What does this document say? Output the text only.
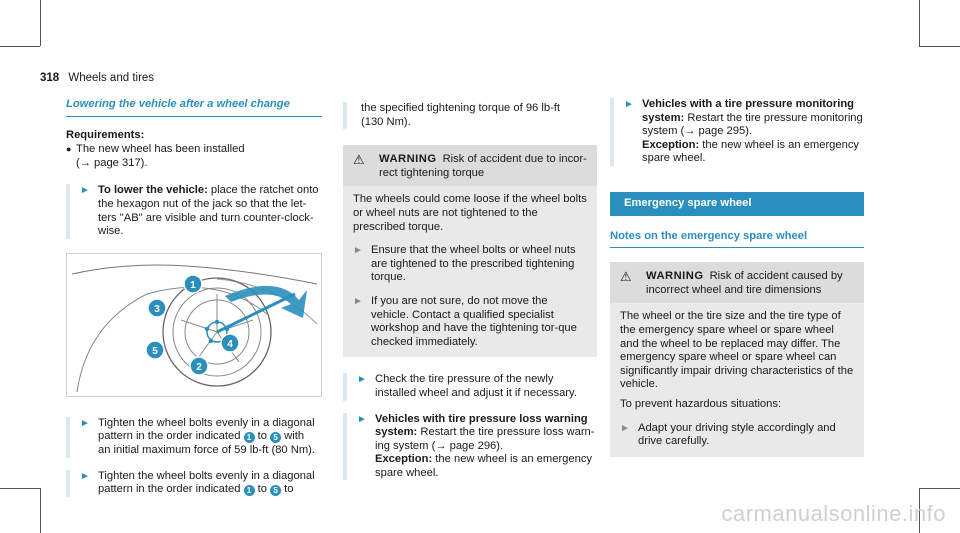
318 Wheels and tires
Lowering the vehicle after a wheel change
Requirements:
● The new wheel has been installed
(→ page 317).
► To lower the vehicle: place the ratchet onto
the hexagon nut of the jack so that the let-
ters "AB" are visible and turn counter-clock-
wise.
1
2
3
4
5
► Tighten the wheel bolts evenly in a diagonal
pattern in the order indicated 1 to 5 with
an initial maximum force of 59 lb-ft (80 Nm).
► Tighten the wheel bolts evenly in a diagonal
pattern in the order indicated 1 to 5 to
the specified tightening torque of 96 lb-ft
(130 Nm).
⚠	WARNING Risk of accident due to incor-
rect tightening torque
The wheels could come loose if the wheel bolts or wheel nuts are not tightened to the prescribed torque.
► Ensure that the wheel bolts or wheel nuts are tightened to the prescribed tightening torque.
► If you are not sure, do not move the vehicle. Contact a qualified specialist workshop and have the tightening tor-que checked immediately.
► Check the tire pressure of the newly installed wheel and adjust it if necessary.
► Vehicles with tire pressure loss warning system: Restart the tire pressure loss warn-ing system (→ page 296).
Exception: the new wheel is an emergency spare wheel.
► Vehicles with a tire pressure monitoring system: Restart the tire pressure monitoring system (→ page 295).
Exception: the new wheel is an emergency spare wheel.
Emergency spare wheel
Notes on the emergency spare wheel
⚠	WARNING Risk of accident caused by
incorrect wheel and tire dimensions
The wheel or the tire size and the tire type of the emergency spare wheel or spare wheel and the wheel to be replaced may differ. The emergency spare wheel or spare wheel can significantly impair driving characteristics of the vehicle.
To prevent hazardous situations:
► Adapt your driving style accordingly and drive carefully.
carmanualsonline.info
